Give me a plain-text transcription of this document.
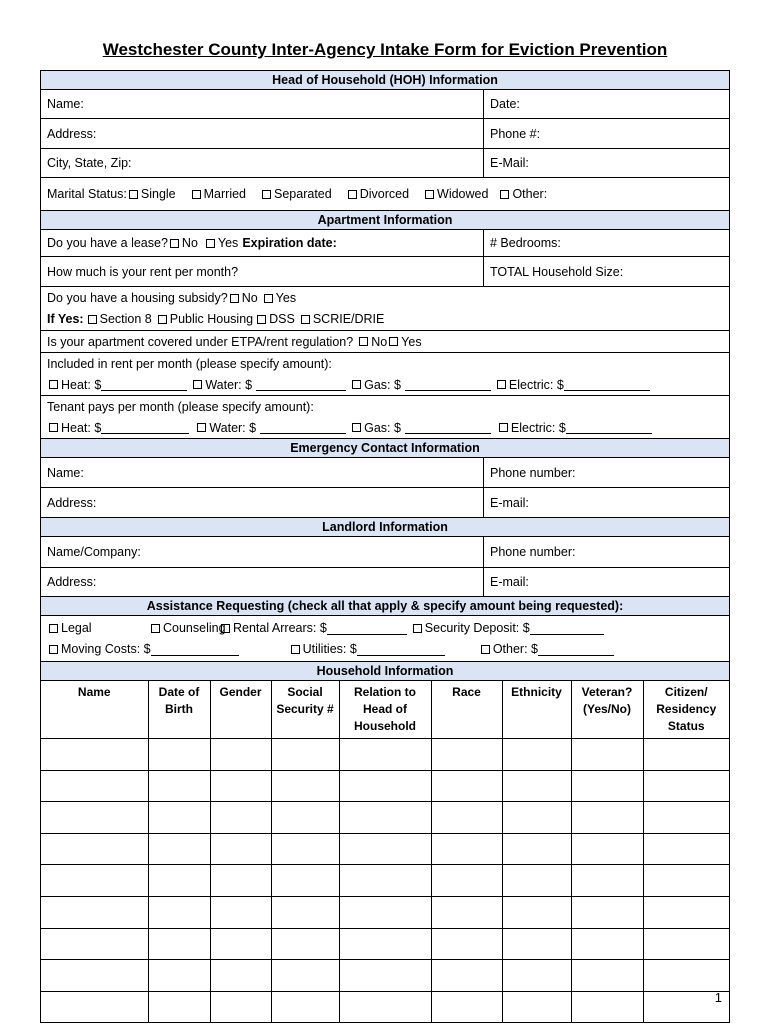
Westchester County Inter-Agency Intake Form for Eviction Prevention
Head of Household (HOH) Information
Name:	Date:
Address:	Phone #:
City, State, Zip:	E-Mail:
Marital Status: Single Married Separated Divorced Widowed Other:
Apartment Information
Do you have a lease? No Yes Expiration date:	# Bedrooms:
How much is your rent per month?	TOTAL Household Size:
Do you have a housing subsidy? No Yes
If Yes: Section 8 Public Housing DSS SCRIE/DRIE
Is your apartment covered under ETPA/rent regulation? No Yes
Included in rent per month (please specify amount):
Heat: $	Water: $	Gas: $	Electric: $
Tenant pays per month (please specify amount):
Heat: $	Water: $	Gas: $	Electric: $
Emergency Contact Information
Name:	Phone number:
Address:	E-mail:
Landlord Information
Name/Company:	Phone number:
Address:	E-mail:
Assistance Requesting (check all that apply & specify amount being requested):
Legal	Counseling Rental Arrears: $	Security Deposit: $
Moving Costs: $	Utilities: $	Other: $
Household Information
Name	Date of Birth	Gender	Social Security #	Relation to Head of Household	Race	Ethnicity	Veteran? (Yes/No)	Citizen/ Residency Status

1
